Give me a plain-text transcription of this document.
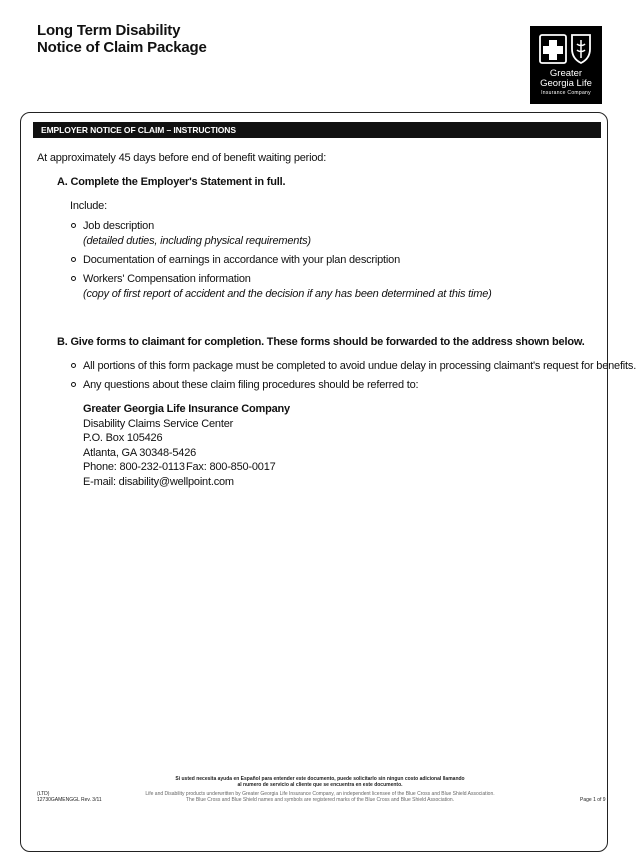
Long Term Disability
Notice of Claim Package
Greater
Georgia Life
Insurance Company
EMPLOYER NOTICE OF CLAIM – INSTRUCTIONS
At approximately 45 days before end of benefit waiting period:
A. Complete the Employer's Statement in full.
Include:
Job description
(detailed duties, including physical requirements)
Documentation of earnings in accordance with your plan description
Workers' Compensation information
(copy of first report of accident and the decision if any has been determined at this time)
B. Give forms to claimant for completion. These forms should be forwarded to the address shown below.
All portions of this form package must be completed to avoid undue delay in processing claimant's request for benefits.
Any questions about these claim filing procedures should be referred to:
Greater Georgia Life Insurance Company
Disability Claims Service Center
P.O. Box 105426
Atlanta, GA 30348-5426
Phone: 800-232-0113 Fax: 800-850-0017
E-mail: disability@wellpoint.com
Si usted necesita ayuda en Español para entender este documento, puede solicitarlo sin ningun costo adicional llamando
al numero de servicio al cliente que se encuentra en este documento.
Life and Disability products underwritten by Greater Georgia Life Insurance Company, an independent licensee of the Blue Cross and Blue Shield Association.
The Blue Cross and Blue Shield names and symbols are registered marks of the Blue Cross and Blue Shield Association.
(LTD)
12730GAMENGGL Rev. 3/11	Page 1 of 9
